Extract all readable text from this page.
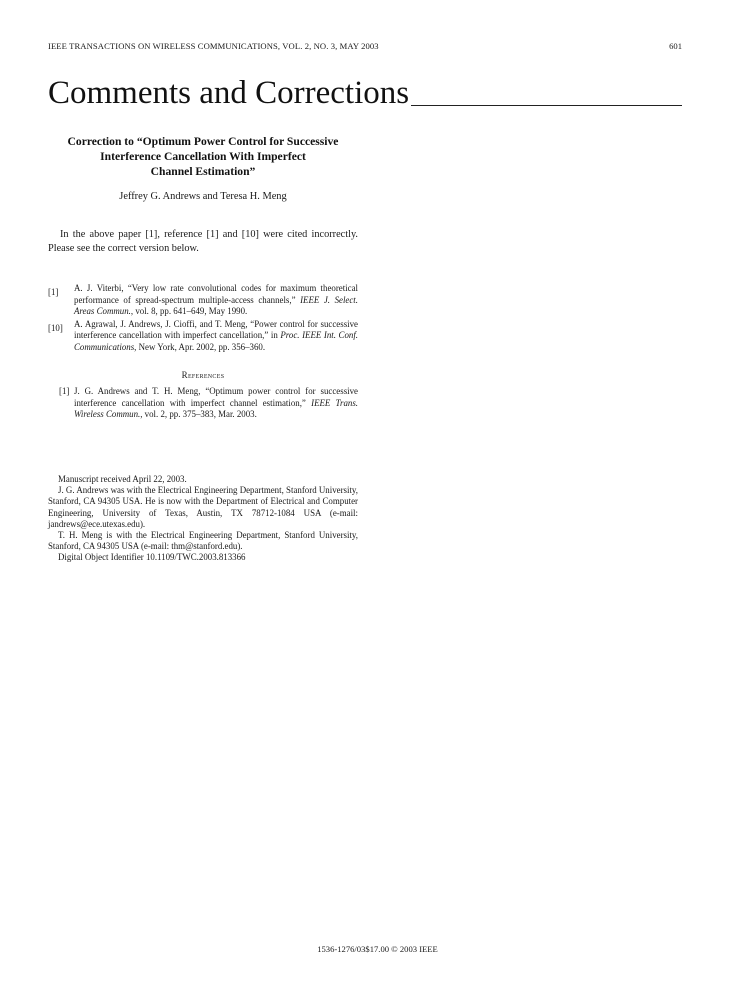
IEEE TRANSACTIONS ON WIRELESS COMMUNICATIONS, VOL. 2, NO. 3, MAY 2003	601
Comments and Corrections
Correction to “Optimum Power Control for Successive
Interference Cancellation With Imperfect
Channel Estimation”
Jeffrey G. Andrews and Teresa H. Meng

In the above paper [1], reference [1] and [10] were cited incorrectly. Please see the correct version below.

[1]	A. J. Viterbi, “Very low rate convolutional codes for maximum theoretical performance of spread-spectrum multiple-access channels,” IEEE J. Select. Areas Commun., vol. 8, pp. 641–649, May 1990.
[10]	A. Agrawal, J. Andrews, J. Cioffi, and T. Meng, “Power control for successive interference cancellation with imperfect cancellation,” in Proc. IEEE Int. Conf. Communications, New York, Apr. 2002, pp. 356–360.
References
[1] J. G. Andrews and T. H. Meng, “Optimum power control for successive interference cancellation with imperfect channel estimation,” IEEE Trans. Wireless Commun., vol. 2, pp. 375–383, Mar. 2003.

Manuscript received April 22, 2003.

J. G. Andrews was with the Electrical Engineering Department, Stanford University, Stanford, CA 94305 USA. He is now with the Department of Electrical and Computer Engineering, University of Texas, Austin, TX 78712-1084 USA (e-mail: jandrews@ece.utexas.edu).

T. H. Meng is with the Electrical Engineering Department, Stanford University, Stanford, CA 94305 USA (e-mail: thm@stanford.edu).

Digital Object Identifier 10.1109/TWC.2003.813366

1536-1276/03$17.00 © 2003 IEEE
